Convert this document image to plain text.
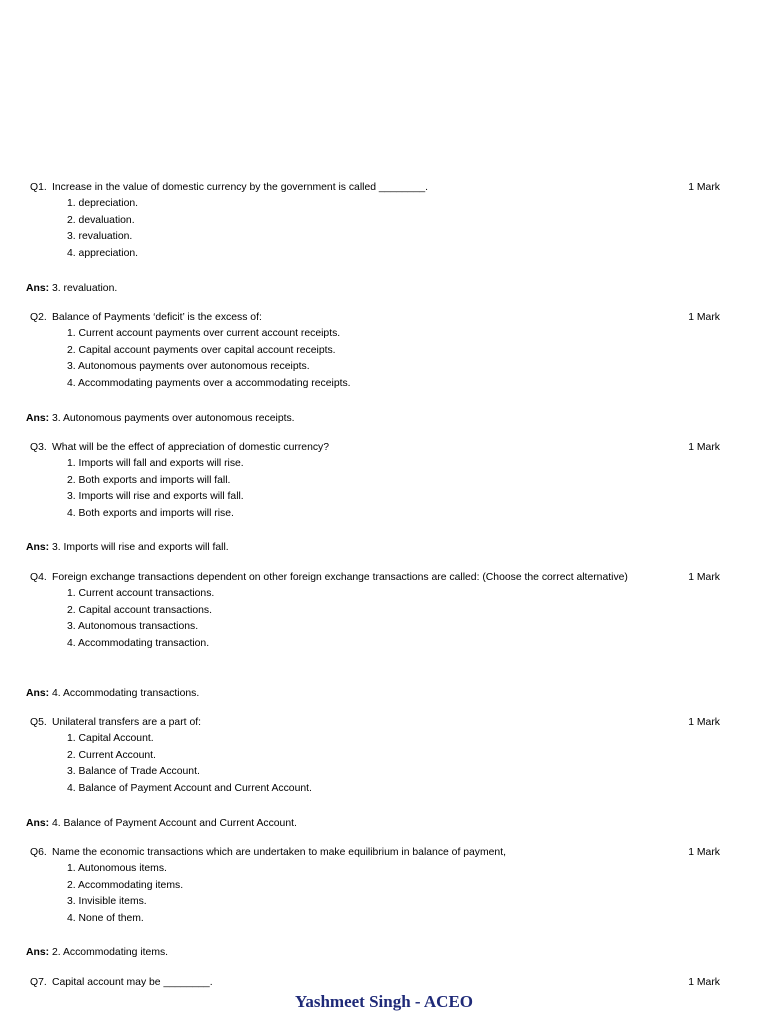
Q1. Increase in the value of domestic currency by the government is called ________.	1 Mark
1. depreciation.
2. devaluation.
3. revaluation.
4. appreciation.
Ans: 3. revaluation.
Q2. Balance of Payments ‘deficit’ is the excess of:	1 Mark
1. Current account payments over current account receipts.
2. Capital account payments over capital account receipts.
3. Autonomous payments over autonomous receipts.
4. Accommodating payments over a accommodating receipts.
Ans: 3. Autonomous payments over autonomous receipts.
Q3. What will be the effect of appreciation of domestic currency?	1 Mark
1. Imports will fall and exports will rise.
2. Both exports and imports will fall.
3. Imports will rise and exports will fall.
4. Both exports and imports will rise.
Ans: 3. Imports will rise and exports will fall.
Q4. Foreign exchange transactions dependent on other foreign exchange transactions are called: (Choose the correct alternative)	1 Mark
1. Current account transactions.
2. Capital account transactions.
3. Autonomous transactions.
4. Accommodating transaction.
Ans: 4. Accommodating transactions.
Q5. Unilateral transfers are a part of:	1 Mark
1. Capital Account.
2. Current Account.
3. Balance of Trade Account.
4. Balance of Payment Account and Current Account.
Ans: 4. Balance of Payment Account and Current Account.
Q6. Name the economic transactions which are undertaken to make equilibrium in balance of payment,	1 Mark
1. Autonomous items.
2. Accommodating items.
3. Invisible items.
4. None of them.
Ans: 2. Accommodating items.
Q7. Capital account may be ________.	1 Mark
Yashmeet Singh - ACEO
